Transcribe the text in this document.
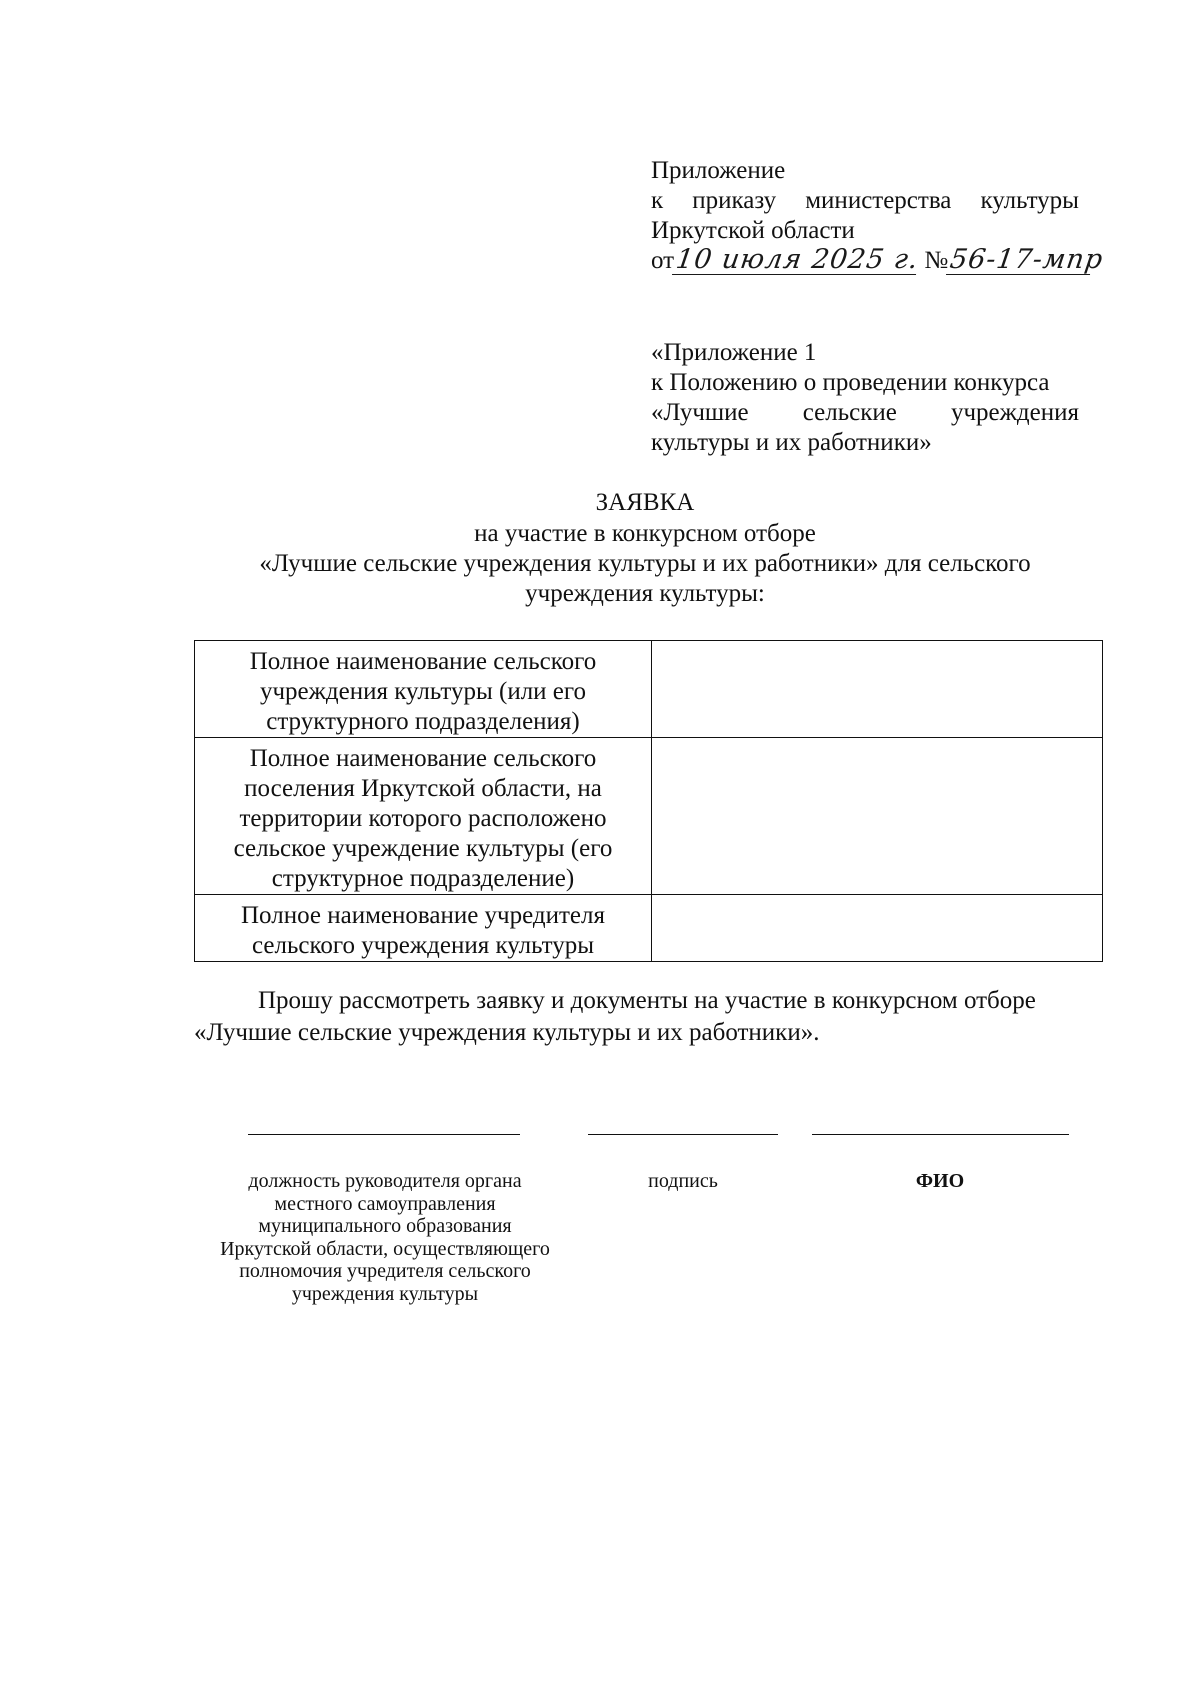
Приложение
к приказу министерства культуры
Иркутской области
от10 июля 2025 г. №56-17-мпр
«Приложение 1
к Положению о проведении конкурса
«Лучшие сельские учреждения
культуры и их работники»
ЗАЯВКА
на участие в конкурсном отборе
«Лучшие сельские учреждения культуры и их работники» для сельского
учреждения культуры:
Полное наименование сельского
учреждения культуры (или его
структурного подразделения)	

Полное наименование сельского
поселения Иркутской области, на
территории которого расположено
сельское учреждение культуры (его
структурное подразделение)	

Полное наименование учредителя
сельского учреждения культуры	

Прошу рассмотреть заявку и документы на участие в конкурсном отборе
«Лучшие сельские учреждения культуры и их работники».
должность руководителя органа
местного самоуправления
муниципального образования
Иркутской области, осуществляющего
полномочия учредителя сельского
учреждения культуры
подпись	ФИО
